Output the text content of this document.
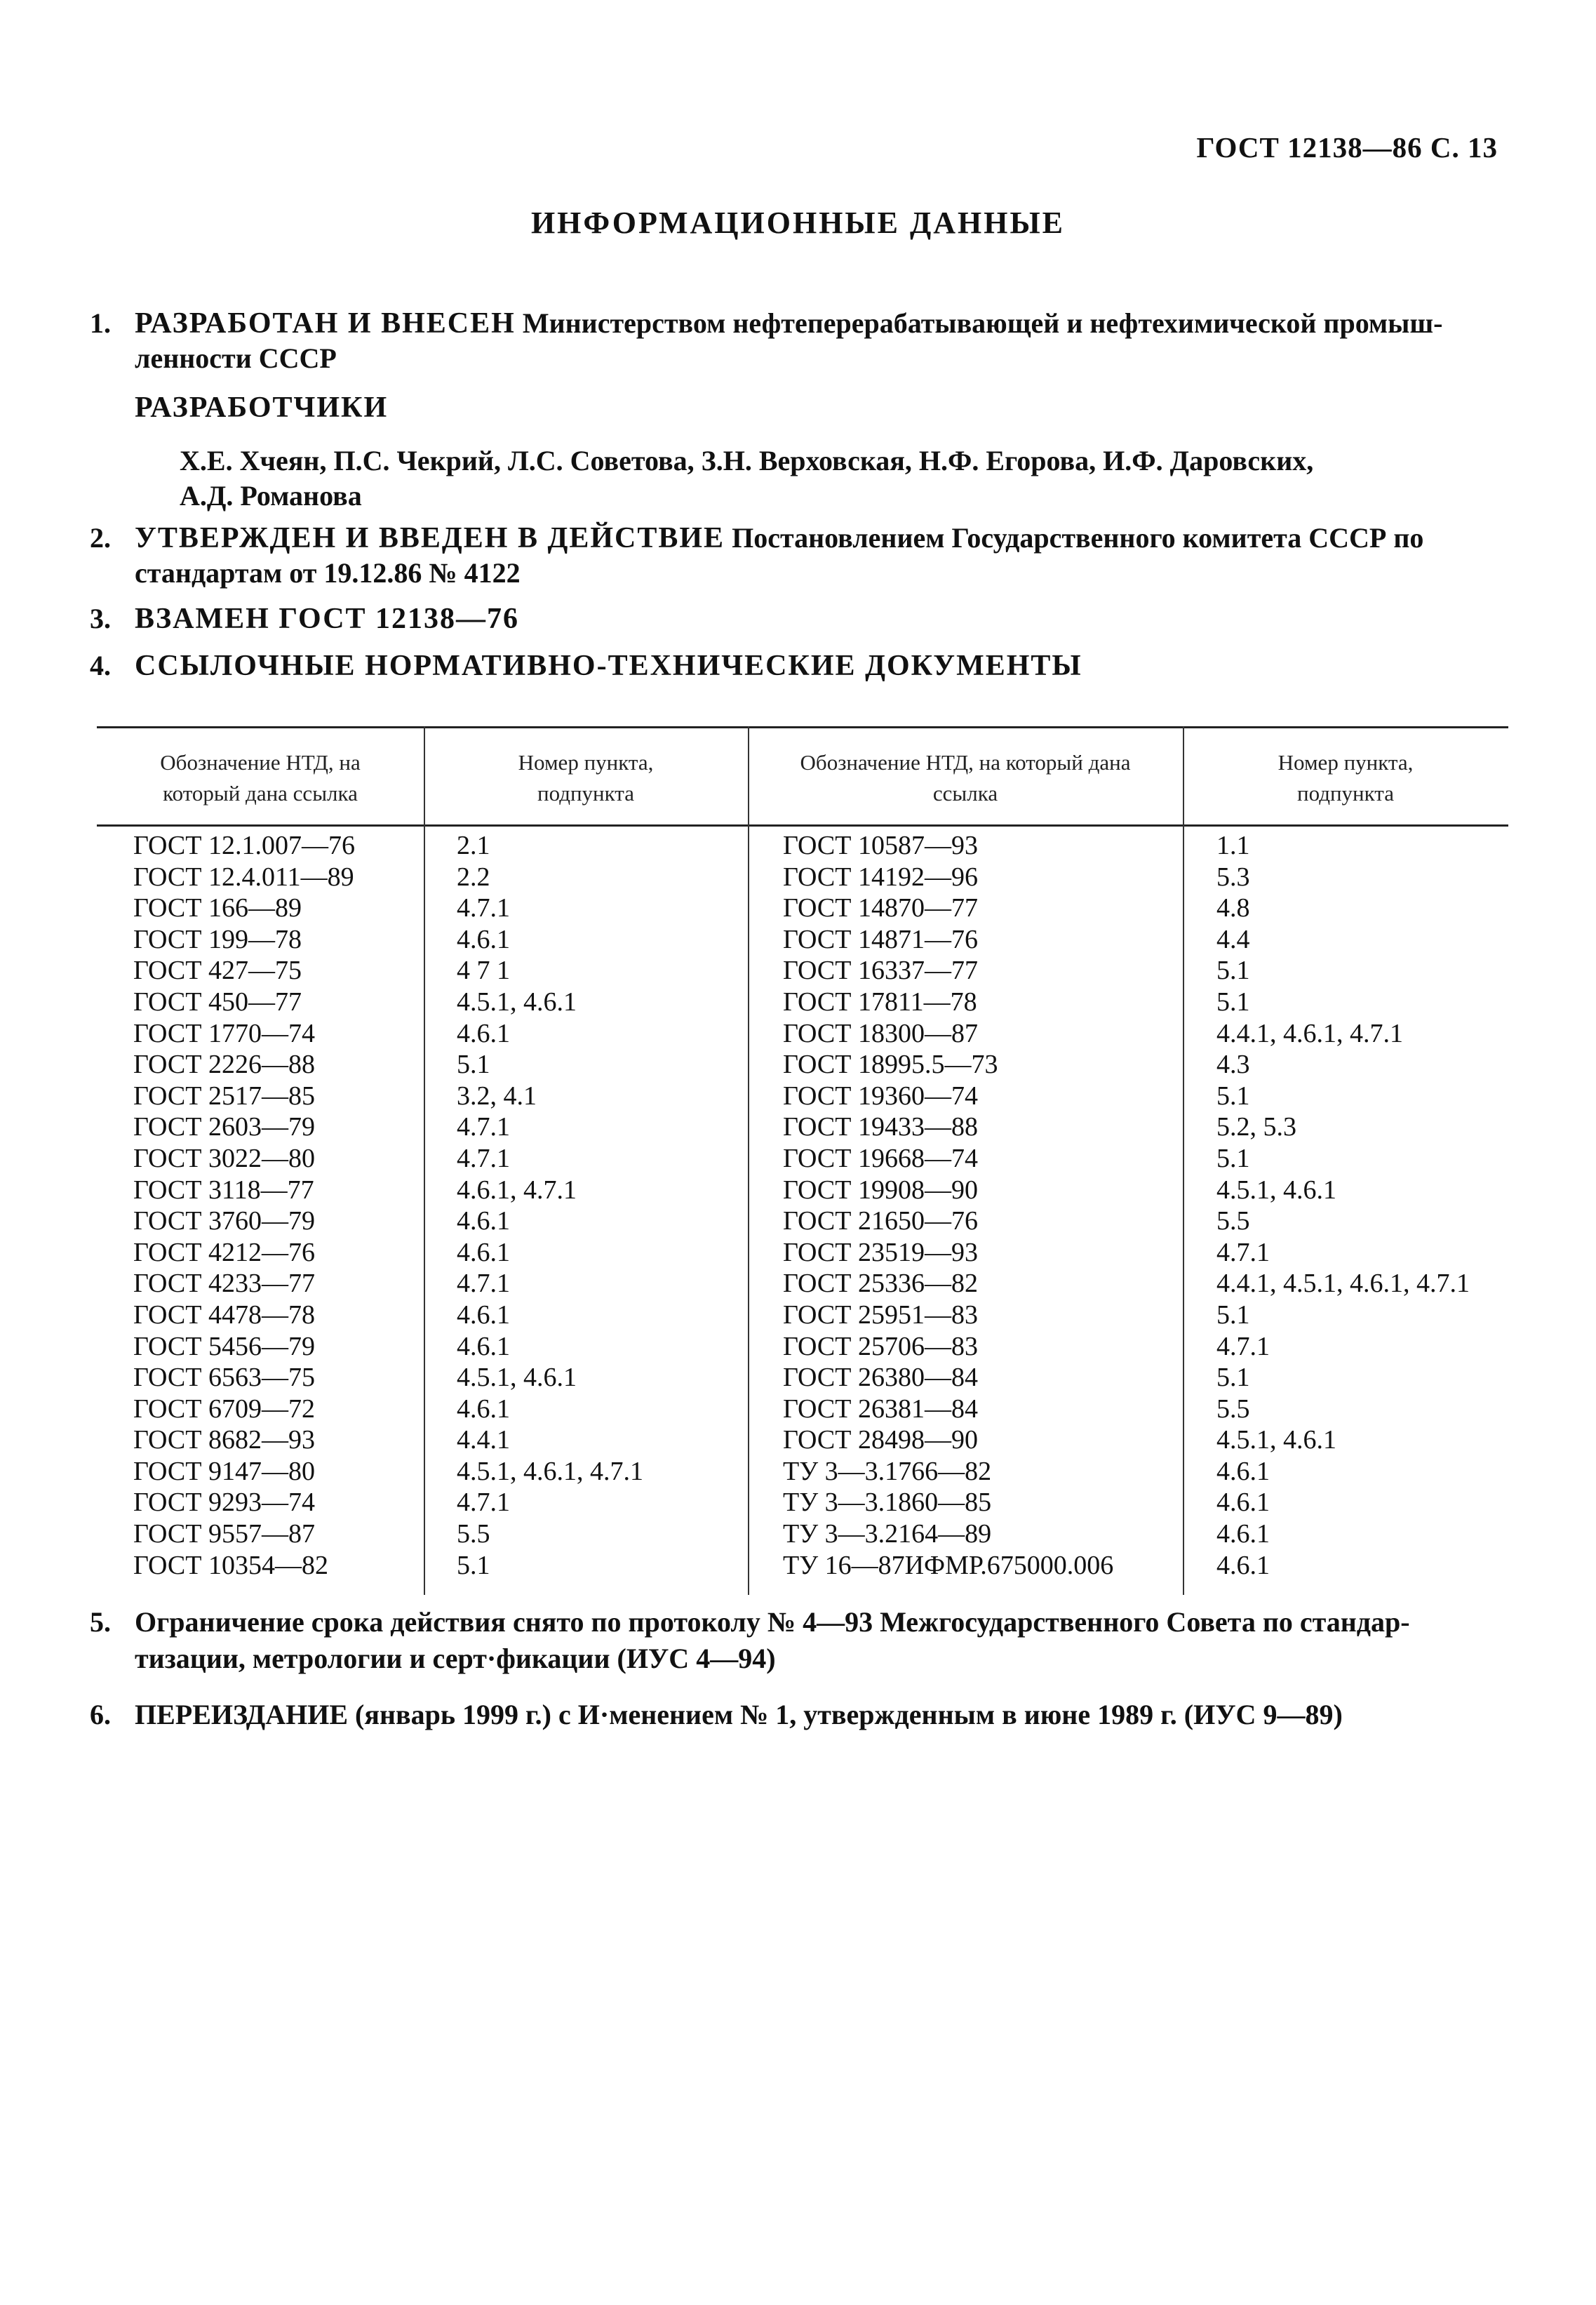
ГОСТ 12138—86 С. 13
ИНФОРМАЦИОННЫЕ ДАННЫЕ
1. РАЗРАБОТАН И ВНЕСЕН Министерством нефтеперерабатывающей и нефтехимической промыш-
ленности СССР
РАЗРАБОТЧИКИ
Х.Е. Хчеян, П.С. Чекрий, Л.С. Советова, З.Н. Верховская, Н.Ф. Егорова, И.Ф. Даровских,
А.Д. Романова
2. УТВЕРЖДЕН И ВВЕДЕН В ДЕЙСТВИЕ Постановлением Государственного комитета СССР по
стандартам от 19.12.86 № 4122
3. ВЗАМЕН ГОСТ 12138—76
4. ССЫЛОЧНЫЕ НОРМАТИВНО-ТЕХНИЧЕСКИЕ ДОКУМЕНТЫ
Обозначение НТД, на
который дана ссылка
Номер пункта,
подпункта
Обозначение НТД, на который дана
ссылка
Номер пункта,
подпункта
ГОСТ 12.1.007—76
ГОСТ 12.4.011—89
ГОСТ 166—89
ГОСТ 199—78
ГОСТ 427—75
ГОСТ 450—77
ГОСТ 1770—74
ГОСТ 2226—88
ГОСТ 2517—85
ГОСТ 2603—79
ГОСТ 3022—80
ГОСТ 3118—77
ГОСТ 3760—79
ГОСТ 4212—76
ГОСТ 4233—77
ГОСТ 4478—78
ГОСТ 5456—79
ГОСТ 6563—75
ГОСТ 6709—72
ГОСТ 8682—93
ГОСТ 9147—80
ГОСТ 9293—74
ГОСТ 9557—87
ГОСТ 10354—82
2.1
2.2
4.7.1
4.6.1
4 7 1
4.5.1, 4.6.1
4.6.1
5.1
3.2, 4.1
4.7.1
4.7.1
4.6.1, 4.7.1
4.6.1
4.6.1
4.7.1
4.6.1
4.6.1
4.5.1, 4.6.1
4.6.1
4.4.1
4.5.1, 4.6.1, 4.7.1
4.7.1
5.5
5.1
ГОСТ 10587—93
ГОСТ 14192—96
ГОСТ 14870—77
ГОСТ 14871—76
ГОСТ 16337—77
ГОСТ 17811—78
ГОСТ 18300—87
ГОСТ 18995.5—73
ГОСТ 19360—74
ГОСТ 19433—88
ГОСТ 19668—74
ГОСТ 19908—90
ГОСТ 21650—76
ГОСТ 23519—93
ГОСТ 25336—82
ГОСТ 25951—83
ГОСТ 25706—83
ГОСТ 26380—84
ГОСТ 26381—84
ГОСТ 28498—90
ТУ 3—3.1766—82
ТУ 3—3.1860—85
ТУ 3—3.2164—89
ТУ 16—87ИФМР.675000.006
1.1
5.3
4.8
4.4
5.1
5.1
4.4.1, 4.6.1, 4.7.1
4.3
5.1
5.2, 5.3
5.1
4.5.1, 4.6.1
5.5
4.7.1
4.4.1, 4.5.1, 4.6.1, 4.7.1
5.1
4.7.1
5.1
5.5
4.5.1, 4.6.1
4.6.1
4.6.1
4.6.1
4.6.1
5. Ограничение срока действия снято по протоколу № 4—93 Межгосударственного Совета по стандар-
тизации, метрологии и серт·фикации (ИУС 4—94)
6. ПЕРЕИЗДАНИЕ (январь 1999 г.) с И·менением № 1, утвержденным в июне 1989 г. (ИУС 9—89)
